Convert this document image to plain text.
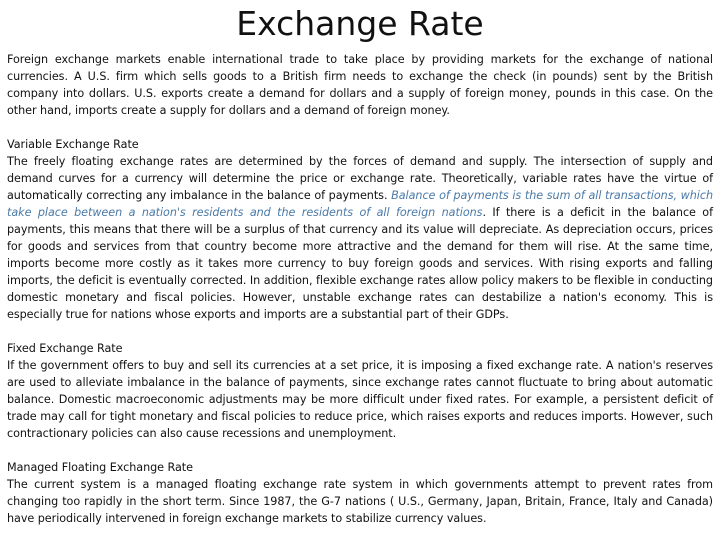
Exchange Rate

Foreign exchange markets enable international trade to take place by providing markets for the exchange of national currencies. A U.S. firm which sells goods to a British firm needs to exchange the check (in pounds) sent by the British company into dollars. U.S. exports create a demand for dollars and a supply of foreign money, pounds in this case. On the other hand, imports create a supply for dollars and a demand of foreign money.

Variable Exchange Rate

The freely floating exchange rates are determined by the forces of demand and supply. The intersection of supply and demand curves for a currency will determine the price or exchange rate. Theoretically, variable rates have the virtue of automatically correcting any imbalance in the balance of payments. Balance of payments is the sum of all transactions, which take place between a nation's residents and the residents of all foreign nations. If there is a deficit in the balance of payments, this means that there will be a surplus of that currency and its value will depreciate. As depreciation occurs, prices for goods and services from that country become more attractive and the demand for them will rise. At the same time, imports become more costly as it takes more currency to buy foreign goods and services. With rising exports and falling imports, the deficit is eventually corrected. In addition, flexible exchange rates allow policy makers to be flexible in conducting domestic monetary and fiscal policies. However, unstable exchange rates can destabilize a nation's economy. This is especially true for nations whose exports and imports are a substantial part of their GDPs.

Fixed Exchange Rate

If the government offers to buy and sell its currencies at a set price, it is imposing a fixed exchange rate. A nation's reserves are used to alleviate imbalance in the balance of payments, since exchange rates cannot fluctuate to bring about automatic balance. Domestic macroeconomic adjustments may be more difficult under fixed rates. For example, a persistent deficit of trade may call for tight monetary and fiscal policies to reduce price, which raises exports and reduces imports. However, such contractionary policies can also cause recessions and unemployment.

Managed Floating Exchange Rate

The current system is a managed floating exchange rate system in which governments attempt to prevent rates from changing too rapidly in the short term. Since 1987, the G-7 nations ( U.S., Germany, Japan, Britain, France, Italy and Canada) have periodically intervened in foreign exchange markets to stabilize currency values.
